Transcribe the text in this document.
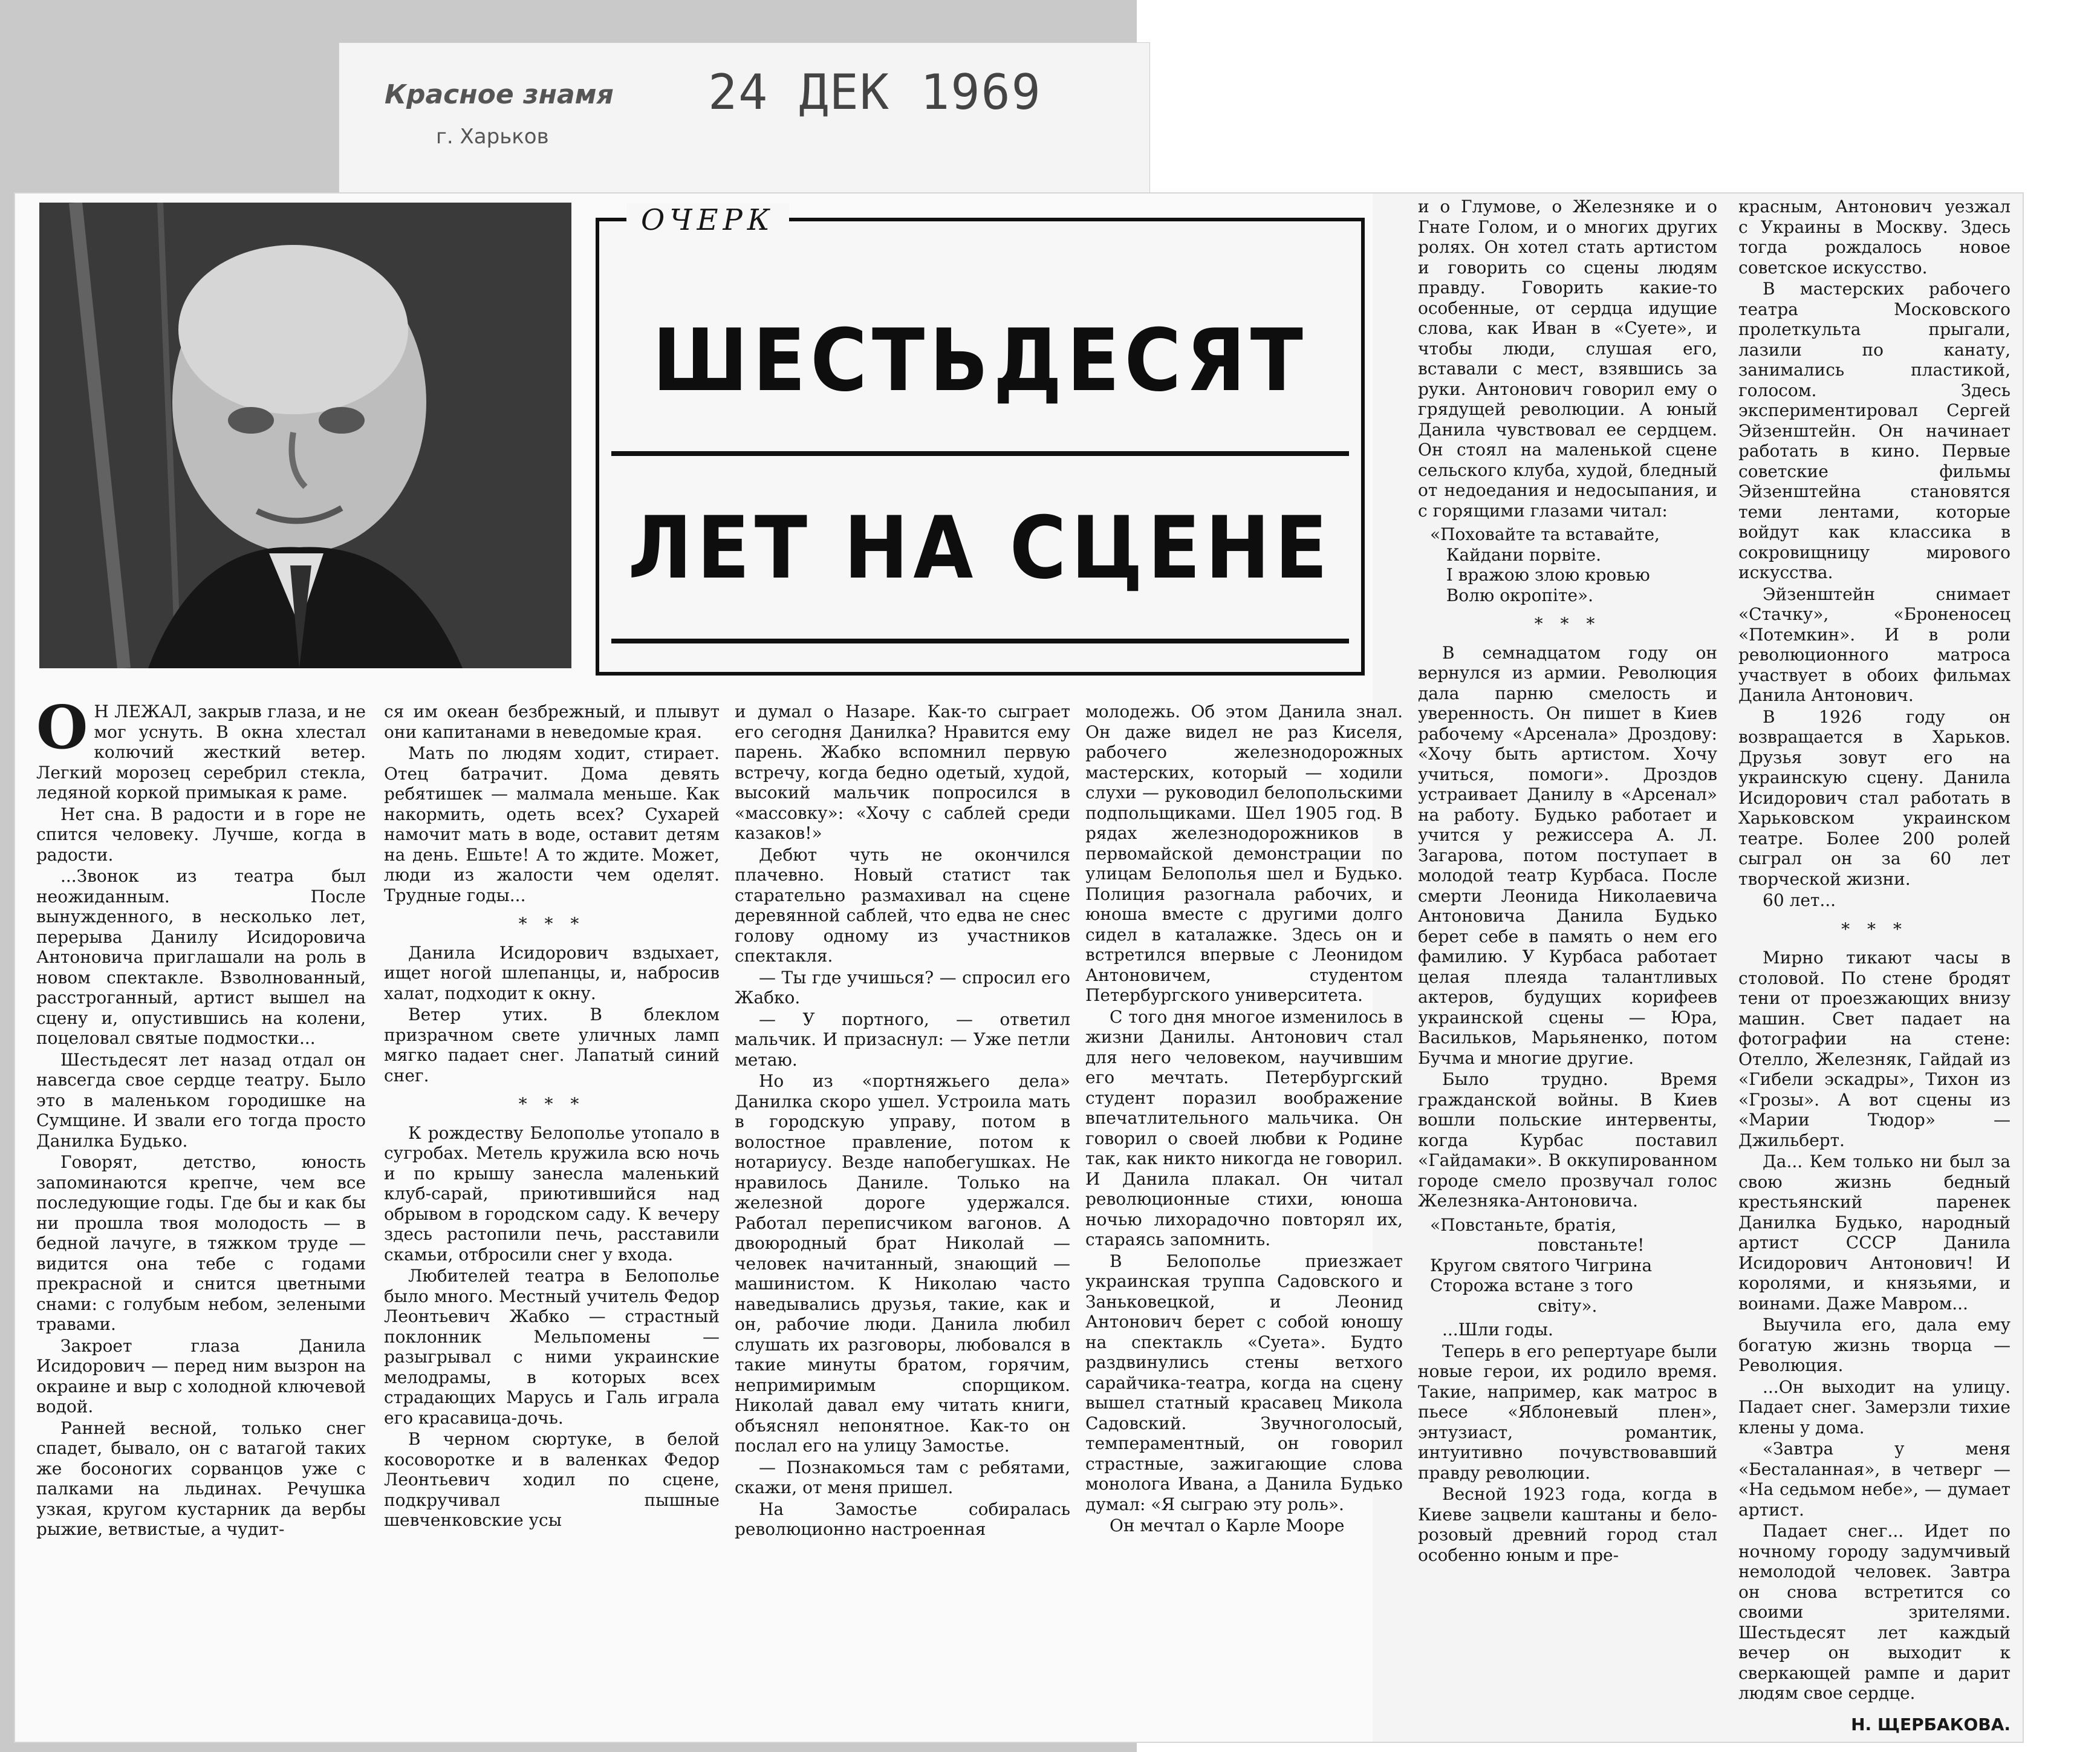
Красное знамя
г. Харьков
24 ДЕК 1969
ОЧЕРК
ШЕСТЬДЕСЯТ
ЛЕТ НА СЦЕНЕ

О Н ЛЕЖАЛ, закрыв глаза, и не мог уснуть. В окна хлестал колючий жесткий ветер. Легкий морозец серебрил стекла, ледяной коркой примыкая к раме.

Нет сна. В радости и в горе не спится человеку. Лучше, когда в радости.

...Звонок из театра был неожиданным. После вынужденного, в несколько лет, перерыва Данилу Исидоровича Антоновича приглашали на роль в новом спектакле. Взволнованный, расстроганный, артист вышел на сцену и, опустившись на колени, поцеловал святые подмостки...

Шестьдесят лет назад отдал он навсегда свое сердце театру. Было это в маленьком городишке на Сумщине. И звали его тогда просто Данилка Будько.

Говорят, детство, юность запоминаются крепче, чем все последующие годы. Где бы и как бы ни прошла твоя молодость — в бедной лачуге, в тяжком труде — видится она тебе с годами прекрасной и снится цветными снами: с голубым небом, зелеными травами.

Закроет глаза Данила Исидорович — перед ним вызрон на окраине и выр с холодной ключевой водой.

Ранней весной, только снег спадет, бывало, он с ватагой таких же босоногих сорванцов уже с палками на льдинах. Речушка узкая, кругом кустарник да вербы рыжие, ветвистые, а чудит-

ся им океан безбрежный, и плывут они капитанами в неведомые края.

Мать по людям ходит, стирает. Отец батрачит. Дома девять ребятишек — малмала меньше. Как накормить, одеть всех? Сухарей намочит мать в воде, оставит детям на день. Ешьте! А то ждите. Может, люди из жалости чем оделят. Трудные годы...

* * *

Данила Исидорович вздыхает, ищет ногой шлепанцы, и, набросив халат, подходит к окну.

Ветер утих. В блеклом призрачном свете уличных ламп мягко падает снег. Лапатый синий снег.

* * *

К рождеству Белополье утопало в сугробах. Метель кружила всю ночь и по крышу занесла маленький клуб-сарай, приютившийся над обрывом в городском саду. К вечеру здесь растопили печь, расставили скамьи, отбросили снег у входа.

Любителей театра в Белополье было много. Местный учитель Федор Леонтьевич Жабко — страстный поклонник Мельпомены — разыгрывал с ними украинские мелодрамы, в которых всех страдающих Марусь и Галь играла его красавица-дочь.

В черном сюртуке, в белой косоворотке и в валенках Федор Леонтьевич ходил по сцене, подкручивал пышные шевченковские усы

и думал о Назаре. Как-то сыграет его сегодня Данилка? Нравится ему парень. Жабко вспомнил первую встречу, когда бедно одетый, худой, высокий мальчик попросился в «массовку»: «Хочу с саблей среди казаков!»

Дебют чуть не окончился плачевно. Новый статист так старательно размахивал на сцене деревянной саблей, что едва не снес голову одному из участников спектакля.

— Ты где учишься? — спросил его Жабко.

— У портного, — ответил мальчик. И призаснул: — Уже петли метаю.

Но из «портняжьего дела» Данилка скоро ушел. Устроила мать в городскую управу, потом в волостное правление, потом к нотариусу. Везде напобегушках. Не нравилось Даниле. Только на железной дороге удержался. Работал переписчиком вагонов. А двоюродный брат Николай — человек начитанный, знающий — машинистом. К Николаю часто наведывались друзья, такие, как и он, рабочие люди. Данила любил слушать их разговоры, любовался в такие минуты братом, горячим, непримиримым спорщиком. Николай давал ему читать книги, объяснял непонятное. Как-то он послал его на улицу Замостье.

— Познакомься там с ребятами, скажи, от меня пришел.

На Замостье собиралась революционно настроенная

молодежь. Об этом Данила знал. Он даже видел не раз Киселя, рабочего железнодорожных мастерских, который — ходили слухи — руководил белопольскими подпольщиками. Шел 1905 год. В рядах железнодорожников в первомайской демонстрации по улицам Белополья шел и Будько. Полиция разогнала рабочих, и юноша вместе с другими долго сидел в каталажке. Здесь он и встретился впервые с Леонидом Антоновичем, студентом Петербургского университета.

С того дня многое изменилось в жизни Данилы. Антонович стал для него человеком, научившим его мечтать. Петербургский студент поразил воображение впечатлительного мальчика. Он говорил о своей любви к Родине так, как никто никогда не говорил. И Данила плакал. Он читал революционные стихи, юноша ночью лихорадочно повторял их, стараясь запомнить.

В Белополье приезжает украинская труппа Садовского и Заньковецкой, и Леонид Антонович берет с собой юношу на спектакль «Суета». Будто раздвинулись стены ветхого сарайчика-театра, когда на сцену вышел статный красавец Микола Садовский. Звучноголосый, темпераментный, он говорил страстные, зажигающие слова монолога Ивана, а Данила Будько думал: «Я сыграю эту роль».

Он мечтал о Карле Мооре

и о Глумове, о Железняке и о Гнате Голом, и о многих других ролях. Он хотел стать артистом и говорить со сцены людям правду. Говорить какие-то особенные, от сердца идущие слова, как Иван в «Суете», и чтобы люди, слушая его, вставали с мест, взявшись за руки. Антонович говорил ему о грядущей революции. А юный Данила чувствовал ее сердцем. Он стоял на маленькой сцене сельского клуба, худой, бледный от недоедания и недосыпания, и с горящими глазами читал:

«Поховайте та вставайте,
Кайдани порвіте.
І вражою злою кровью
Волю окропіте».

* * *

В семнадцатом году он вернулся из армии. Революция дала парню смелость и уверенность. Он пишет в Киев рабочему «Арсенала» Дроздову: «Хочу быть артистом. Хочу учиться, помоги». Дроздов устраивает Данилу в «Арсенал» на работу. Будько работает и учится у режиссера А. Л. Загарова, потом поступает в молодой театр Курбаса. После смерти Леонида Николаевича Антоновича Данила Будько берет себе в память о нем его фамилию. У Курбаса работает целая плеяда талантливых актеров, будущих корифеев украинской сцены — Юра, Васильков, Марьяненко, потом Бучма и многие другие.

Было трудно. Время гражданской войны. В Киев вошли польские интервенты, когда Курбас поставил «Гайдамаки». В оккупированном городе смело прозвучал голос Железняка-Антоновича.

«Повстаньте, братія,
повстаньте!
Кругом святого Чигрина
Сторожа встане з того
світу».

...Шли годы.

Теперь в его репертуаре были новые герои, их родило время. Такие, например, как матрос в пьесе «Яблоневый плен», энтузиаст, романтик, интуитивно почувствовавший правду революции.

Весной 1923 года, когда в Киеве зацвели каштаны и бело-розовый древний город стал особенно юным и пре-

красным, Антонович уезжал с Украины в Москву. Здесь тогда рождалось новое советское искусство.

В мастерских рабочего театра Московского пролеткульта прыгали, лазили по канату, занимались пластикой, голосом. Здесь экспериментировал Сергей Эйзенштейн. Он начинает работать в кино. Первые советские фильмы Эйзенштейна становятся теми лентами, которые войдут как классика в сокровищницу мирового искусства.

Эйзенштейн снимает «Стачку», «Броненосец «Потемкин». И в роли революционного матроса участвует в обоих фильмах Данила Антонович.

В 1926 году он возвращается в Харьков. Друзья зовут его на украинскую сцену. Данила Исидорович стал работать в Харьковском украинском театре. Более 200 ролей сыграл он за 60 лет творческой жизни.

60 лет...

* * *

Мирно тикают часы в столовой. По стене бродят тени от проезжающих внизу машин. Свет падает на фотографии на стене: Отелло, Железняк, Гайдай из «Гибели эскадры», Тихон из «Грозы». А вот сцены из «Марии Тюдор» — Джильберт.

Да... Кем только ни был за свою жизнь бедный крестьянский паренек Данилка Будько, народный артист СССР Данила Исидорович Антонович! И королями, и князьями, и воинами. Даже Мавром...

Выучила его, дала ему богатую жизнь творца — Революция.

...Он выходит на улицу. Падает снег. Замерзли тихие клены у дома.

«Завтра у меня «Бесталанная», в четверг — «На седьмом небе», — думает артист.

Падает снег... Идет по ночному городу задумчивый немолодой человек. Завтра он снова встретится со своими зрителями. Шестьдесят лет каждый вечер он выходит к сверкающей рампе и дарит людям свое сердце.

Н. ЩЕРБАКОВА.
